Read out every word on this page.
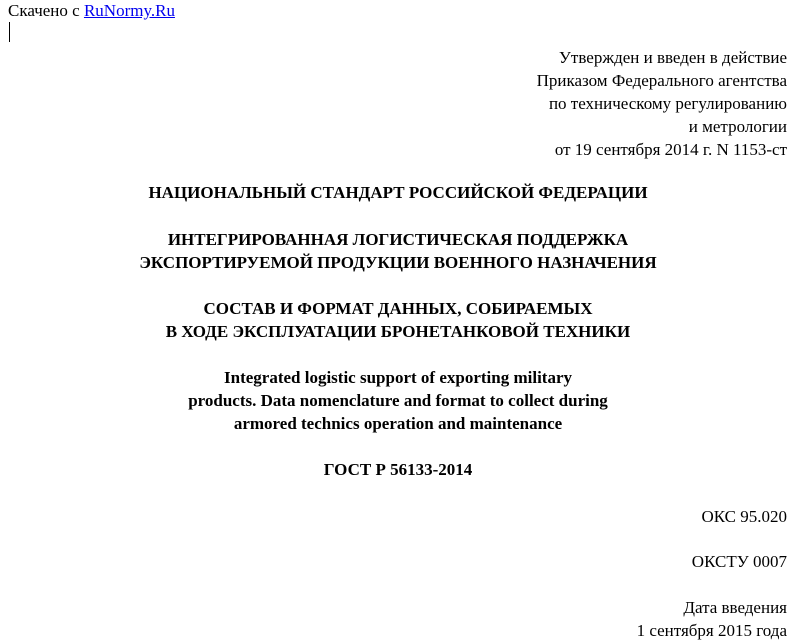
Скачено с RuNormy.Ru
Утвержден и введен в действие
Приказом Федерального агентства
по техническому регулированию
и метрологии
от 19 сентября 2014 г. N 1153-ст
НАЦИОНАЛЬНЫЙ СТАНДАРТ РОССИЙСКОЙ ФЕДЕРАЦИИ
ИНТЕГРИРОВАННАЯ ЛОГИСТИЧЕСКАЯ ПОДДЕРЖКА
ЭКСПОРТИРУЕМОЙ ПРОДУКЦИИ ВОЕННОГО НАЗНАЧЕНИЯ
СОСТАВ И ФОРМАТ ДАННЫХ, СОБИРАЕМЫХ
В ХОДЕ ЭКСПЛУАТАЦИИ БРОНЕТАНКОВОЙ ТЕХНИКИ
Integrated logistic support of exporting military
products. Data nomenclature and format to collect during
armored technics operation and maintenance
ГОСТ Р 56133-2014
ОКС 95.020
ОКСТУ 0007
Дата введения
1 сентября 2015 года
